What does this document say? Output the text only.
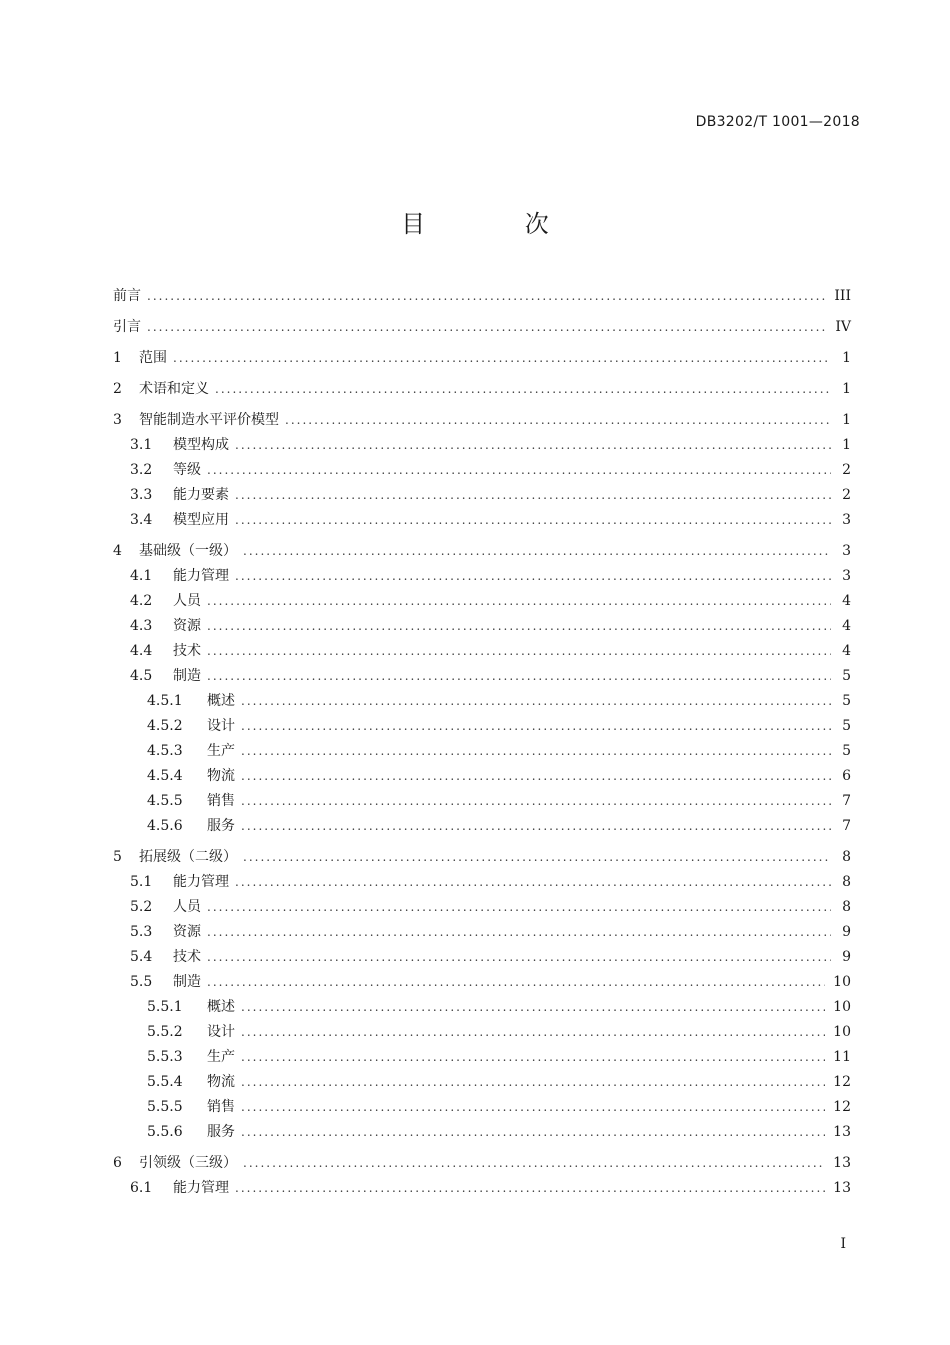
DB3202/T 1001—2018
目 次
前言 .....	III
引言 .....	IV
1	范围 .....	1
2	术语和定义 .....	1
3	智能制造水平评价模型 .....	1
3.1	模型构成 .....	1
3.2	等级 .....	2
3.3	能力要素 .....	2
3.4	模型应用 .....	3
4	基础级（一级） .....	3
4.1	能力管理 .....	3
4.2	人员 .....	4
4.3	资源 .....	4
4.4	技术 .....	4
4.5	制造 .....	5
4.5.1	概述 .....	5
4.5.2	设计 .....	5
4.5.3	生产 .....	5
4.5.4	物流 .....	6
4.5.5	销售 .....	7
4.5.6	服务 .....	7
5	拓展级（二级） .....	8
5.1	能力管理 .....	8
5.2	人员 .....	8
5.3	资源 .....	9
5.4	技术 .....	9
5.5	制造 .....	10
5.5.1	概述 .....	10
5.5.2	设计 .....	10
5.5.3	生产 .....	11
5.5.4	物流 .....	12
5.5.5	销售 .....	12
5.5.6	服务 .....	13
6	引领级（三级） .....	13
6.1	能力管理 .....	13
I
